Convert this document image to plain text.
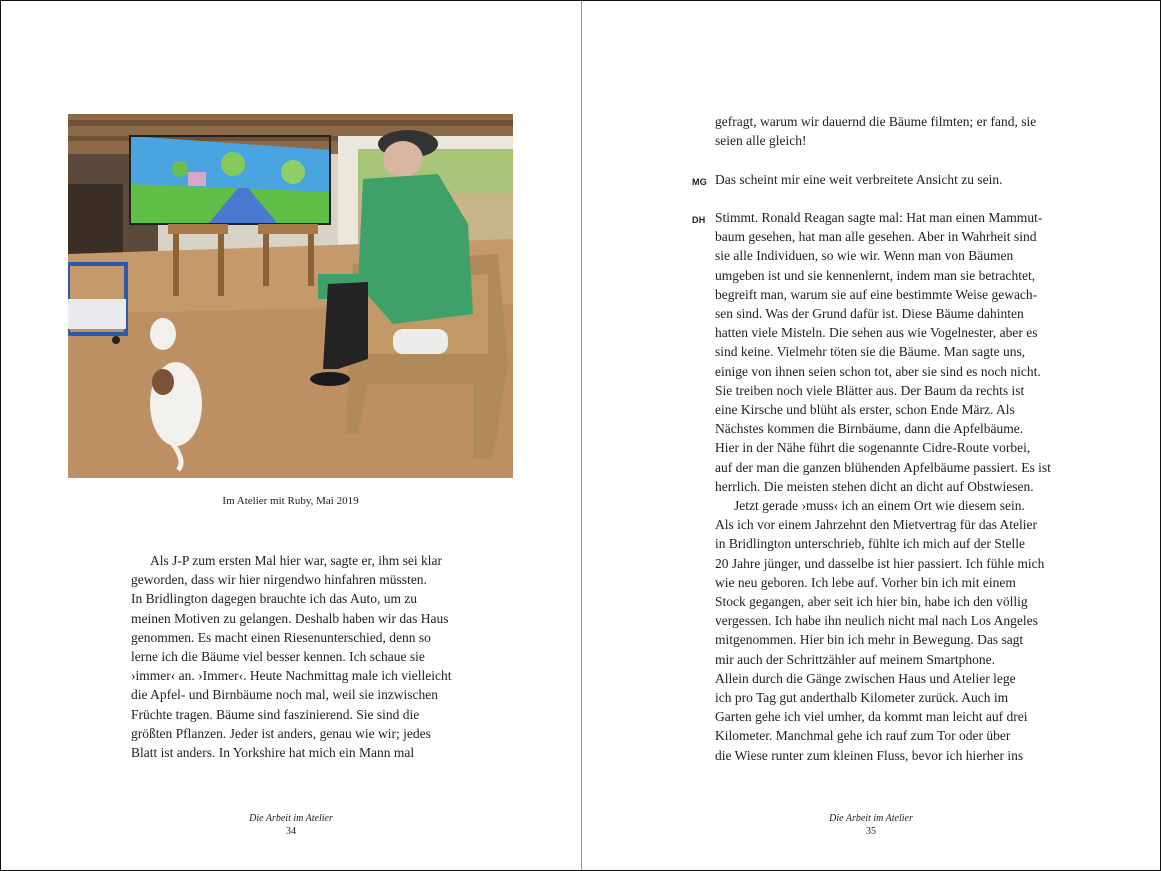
Im Atelier mit Ruby, Mai 2019

Als J-P zum ersten Mal hier war, sagte er, ihm sei klar
geworden, dass wir hier nirgendwo hinfahren müssten.
In Bridlington dagegen brauchte ich das Auto, um zu
meinen Motiven zu gelangen. Deshalb haben wir das Haus
genommen. Es macht einen Riesenunterschied, denn so
lerne ich die Bäume viel besser kennen. Ich schaue sie
›immer‹ an. ›Immer‹. Heute Nachmittag male ich vielleicht
die Apfel- und Birnbäume noch mal, weil sie inzwischen
Früchte tragen. Bäume sind faszinierend. Sie sind die
größten Pflanzen. Jeder ist anders, genau wie wir; jedes
Blatt ist anders. In Yorkshire hat mich ein Mann mal

Die Arbeit im Atelier
34

gefragt, warum wir dauernd die Bäume filmten; er fand, sie
seien alle gleich!

MG Das scheint mir eine weit verbreitete Ansicht zu sein.

DH Stimmt. Ronald Reagan sagte mal: Hat man einen Mammut-
baum gesehen, hat man alle gesehen. Aber in Wahrheit sind
sie alle Individuen, so wie wir. Wenn man von Bäumen
umgeben ist und sie kennenlernt, indem man sie betrachtet,
begreift man, warum sie auf eine bestimmte Weise gewach-
sen sind. Was der Grund dafür ist. Diese Bäume dahinten
hatten viele Misteln. Die sehen aus wie Vogelnester, aber es
sind keine. Vielmehr töten sie die Bäume. Man sagte uns,
einige von ihnen seien schon tot, aber sie sind es noch nicht.
Sie treiben noch viele Blätter aus. Der Baum da rechts ist
eine Kirsche und blüht als erster, schon Ende März. Als
Nächstes kommen die Birnbäume, dann die Apfelbäume.
Hier in der Nähe führt die sogenannte Cidre-Route vorbei,
auf der man die ganzen blühenden Apfelbäume passiert. Es ist
herrlich. Die meisten stehen dicht an dicht auf Obstwiesen.

Jetzt gerade ›muss‹ ich an einem Ort wie diesem sein.
Als ich vor einem Jahrzehnt den Mietvertrag für das Atelier
in Bridlington unterschrieb, fühlte ich mich auf der Stelle
20 Jahre jünger, und dasselbe ist hier passiert. Ich fühle mich
wie neu geboren. Ich lebe auf. Vorher bin ich mit einem
Stock gegangen, aber seit ich hier bin, habe ich den völlig
vergessen. Ich habe ihn neulich nicht mal nach Los Angeles
mitgenommen. Hier bin ich mehr in Bewegung. Das sagt
mir auch der Schrittzähler auf meinem Smartphone.
Allein durch die Gänge zwischen Haus und Atelier lege
ich pro Tag gut anderthalb Kilometer zurück. Auch im
Garten gehe ich viel umher, da kommt man leicht auf drei
Kilometer. Manchmal gehe ich rauf zum Tor oder über
die Wiese runter zum kleinen Fluss, bevor ich hierher ins

Die Arbeit im Atelier
35
